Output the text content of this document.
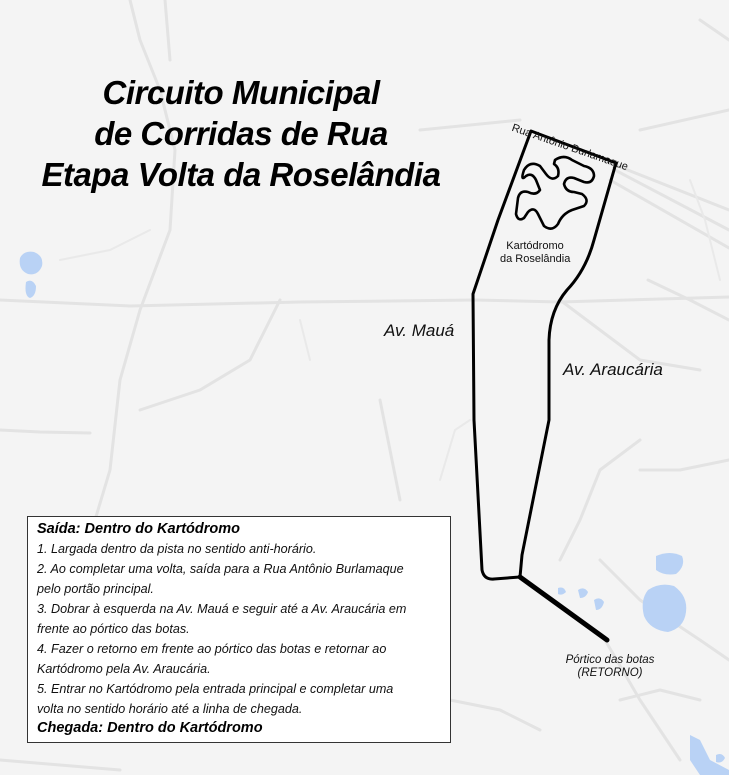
Circuito Municipal
de Corridas de Rua
Etapa Volta da Roselândia
Rua Antônio Burlamaque
Kartódromo
da Roselândia
Av. Mauá
Av. Araucária
Pórtico das botas
(RETORNO)
Saída: Dentro do Kartódromo
1. Largada dentro da pista no sentido anti-horário.
2. Ao completar uma volta, saída para a Rua Antônio Burlamaque
pelo portão principal.
3. Dobrar à esquerda na Av. Mauá e seguir até a Av. Araucária em
frente ao pórtico das botas.
4. Fazer o retorno em frente ao pórtico das botas e retornar ao
Kartódromo pela Av. Araucária.
5. Entrar no Kartódromo pela entrada principal e completar uma
volta no sentido horário até a linha de chegada.
Chegada: Dentro do Kartódromo
